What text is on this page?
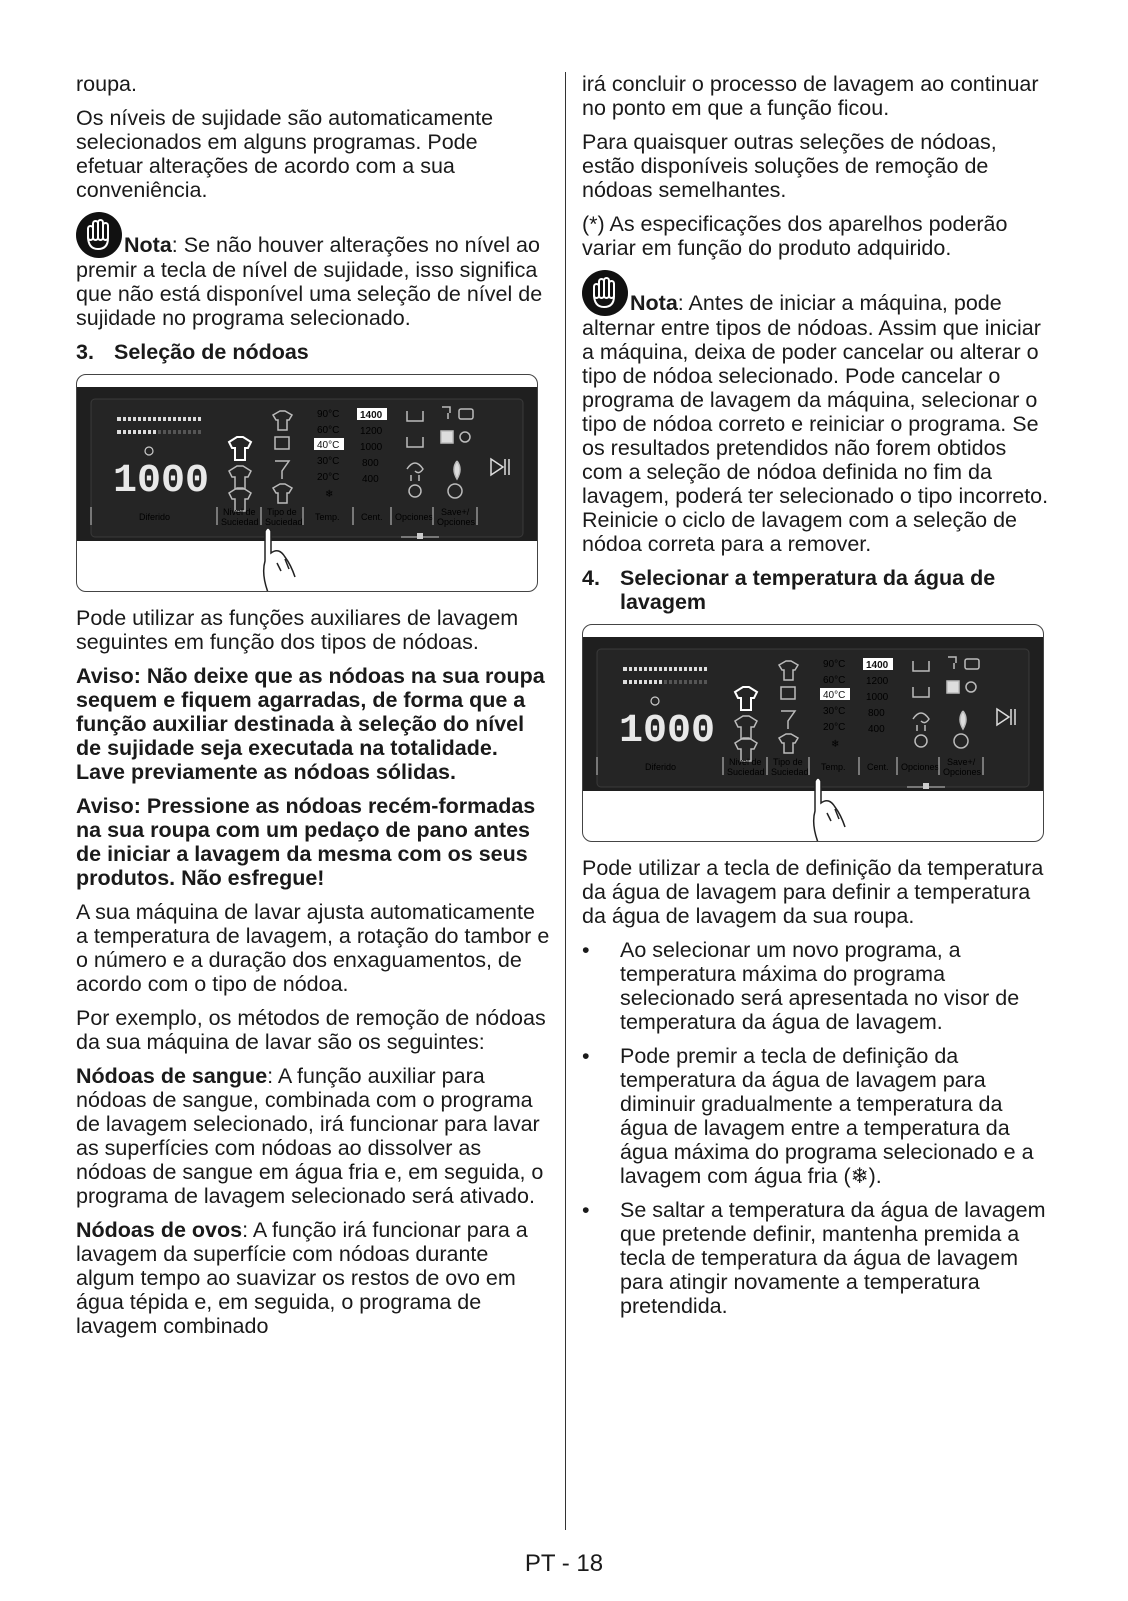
roupa.

Os níveis de sujidade são automaticamente selecionados em alguns programas. Pode efetuar alterações de acordo com a sua conveniência.

Nota: Se não houver alterações no nível ao premir a tecla de nível de sujidade, isso significa que não está disponível uma seleção de nível de sujidade no programa selecionado.

3. Seleção de nódoas
1000
90°C
60°C
40°C
30°C
20°C
❄
1400
1200
1000
800
400
Diferido	Nivel de
Suciedad
Tipo de
Suciedad Temp. Cent. Opciones Save+/
Opciones

Pode utilizar as funções auxiliares de lavagem seguintes em função dos tipos de nódoas.

Aviso: Não deixe que as nódoas na sua roupa sequem e fiquem agarradas, de forma que a função auxiliar destinada à seleção do nível de sujidade seja executada na totalidade. Lave previamente as nódoas sólidas.

Aviso: Pressione as nódoas recém-formadas na sua roupa com um pedaço de pano antes de iniciar a lavagem da mesma com os seus produtos. Não esfregue!

A sua máquina de lavar ajusta automaticamente a temperatura de lavagem, a rotação do tambor e o número e a duração dos enxaguamentos, de acordo com o tipo de nódoa.

Por exemplo, os métodos de remoção de nódoas da sua máquina de lavar são os seguintes:

Nódoas de sangue: A função auxiliar para nódoas de sangue, combinada com o programa de lavagem selecionado, irá funcionar para lavar as superfícies com nódoas ao dissolver as nódoas de sangue em água fria e, em seguida, o programa de lavagem selecionado será ativado.

Nódoas de ovos: A função irá funcionar para a lavagem da superfície com nódoas durante algum tempo ao suavizar os restos de ovo em água tépida e, em seguida, o programa de lavagem combinado

irá concluir o processo de lavagem ao continuar no ponto em que a função ficou.

Para quaisquer outras seleções de nódoas, estão disponíveis soluções de remoção de nódoas semelhantes.

(*) As especificações dos aparelhos poderão variar em função do produto adquirido.

Nota: Antes de iniciar a máquina, pode alternar entre tipos de nódoas. Assim que iniciar a máquina, deixa de poder cancelar ou alterar o tipo de nódoa selecionado. Pode cancelar o programa de lavagem da máquina, selecionar o tipo de nódoa correto e reiniciar o programa. Se os resultados pretendidos não forem obtidos com a seleção de nódoa definida no fim da lavagem, poderá ter selecionado o tipo incorreto. Reinicie o ciclo de lavagem com a seleção de nódoa correta para a remover.

4. Selecionar a temperatura da água de lavagem
1000
90°C
60°C
40°C
30°C
20°C
❄
1400
1200
1000
800
400
Diferido	Nivel de
Suciedad
Tipo de
Suciedad Temp. Cent. Opciones Save+/
Opciones

Pode utilizar a tecla de definição da temperatura da água de lavagem para definir a temperatura da água de lavagem da sua roupa.

• Ao selecionar um novo programa, a temperatura máxima do programa selecionado será apresentada no visor de temperatura da água de lavagem.
• Pode premir a tecla de definição da temperatura da água de lavagem para diminuir gradualmente a temperatura da água de lavagem entre a temperatura da água máxima do programa selecionado e a lavagem com água fria (❄).
• Se saltar a temperatura da água de lavagem que pretende definir, mantenha premida a tecla de temperatura da água de lavagem para atingir novamente a temperatura pretendida.
PT - 18
